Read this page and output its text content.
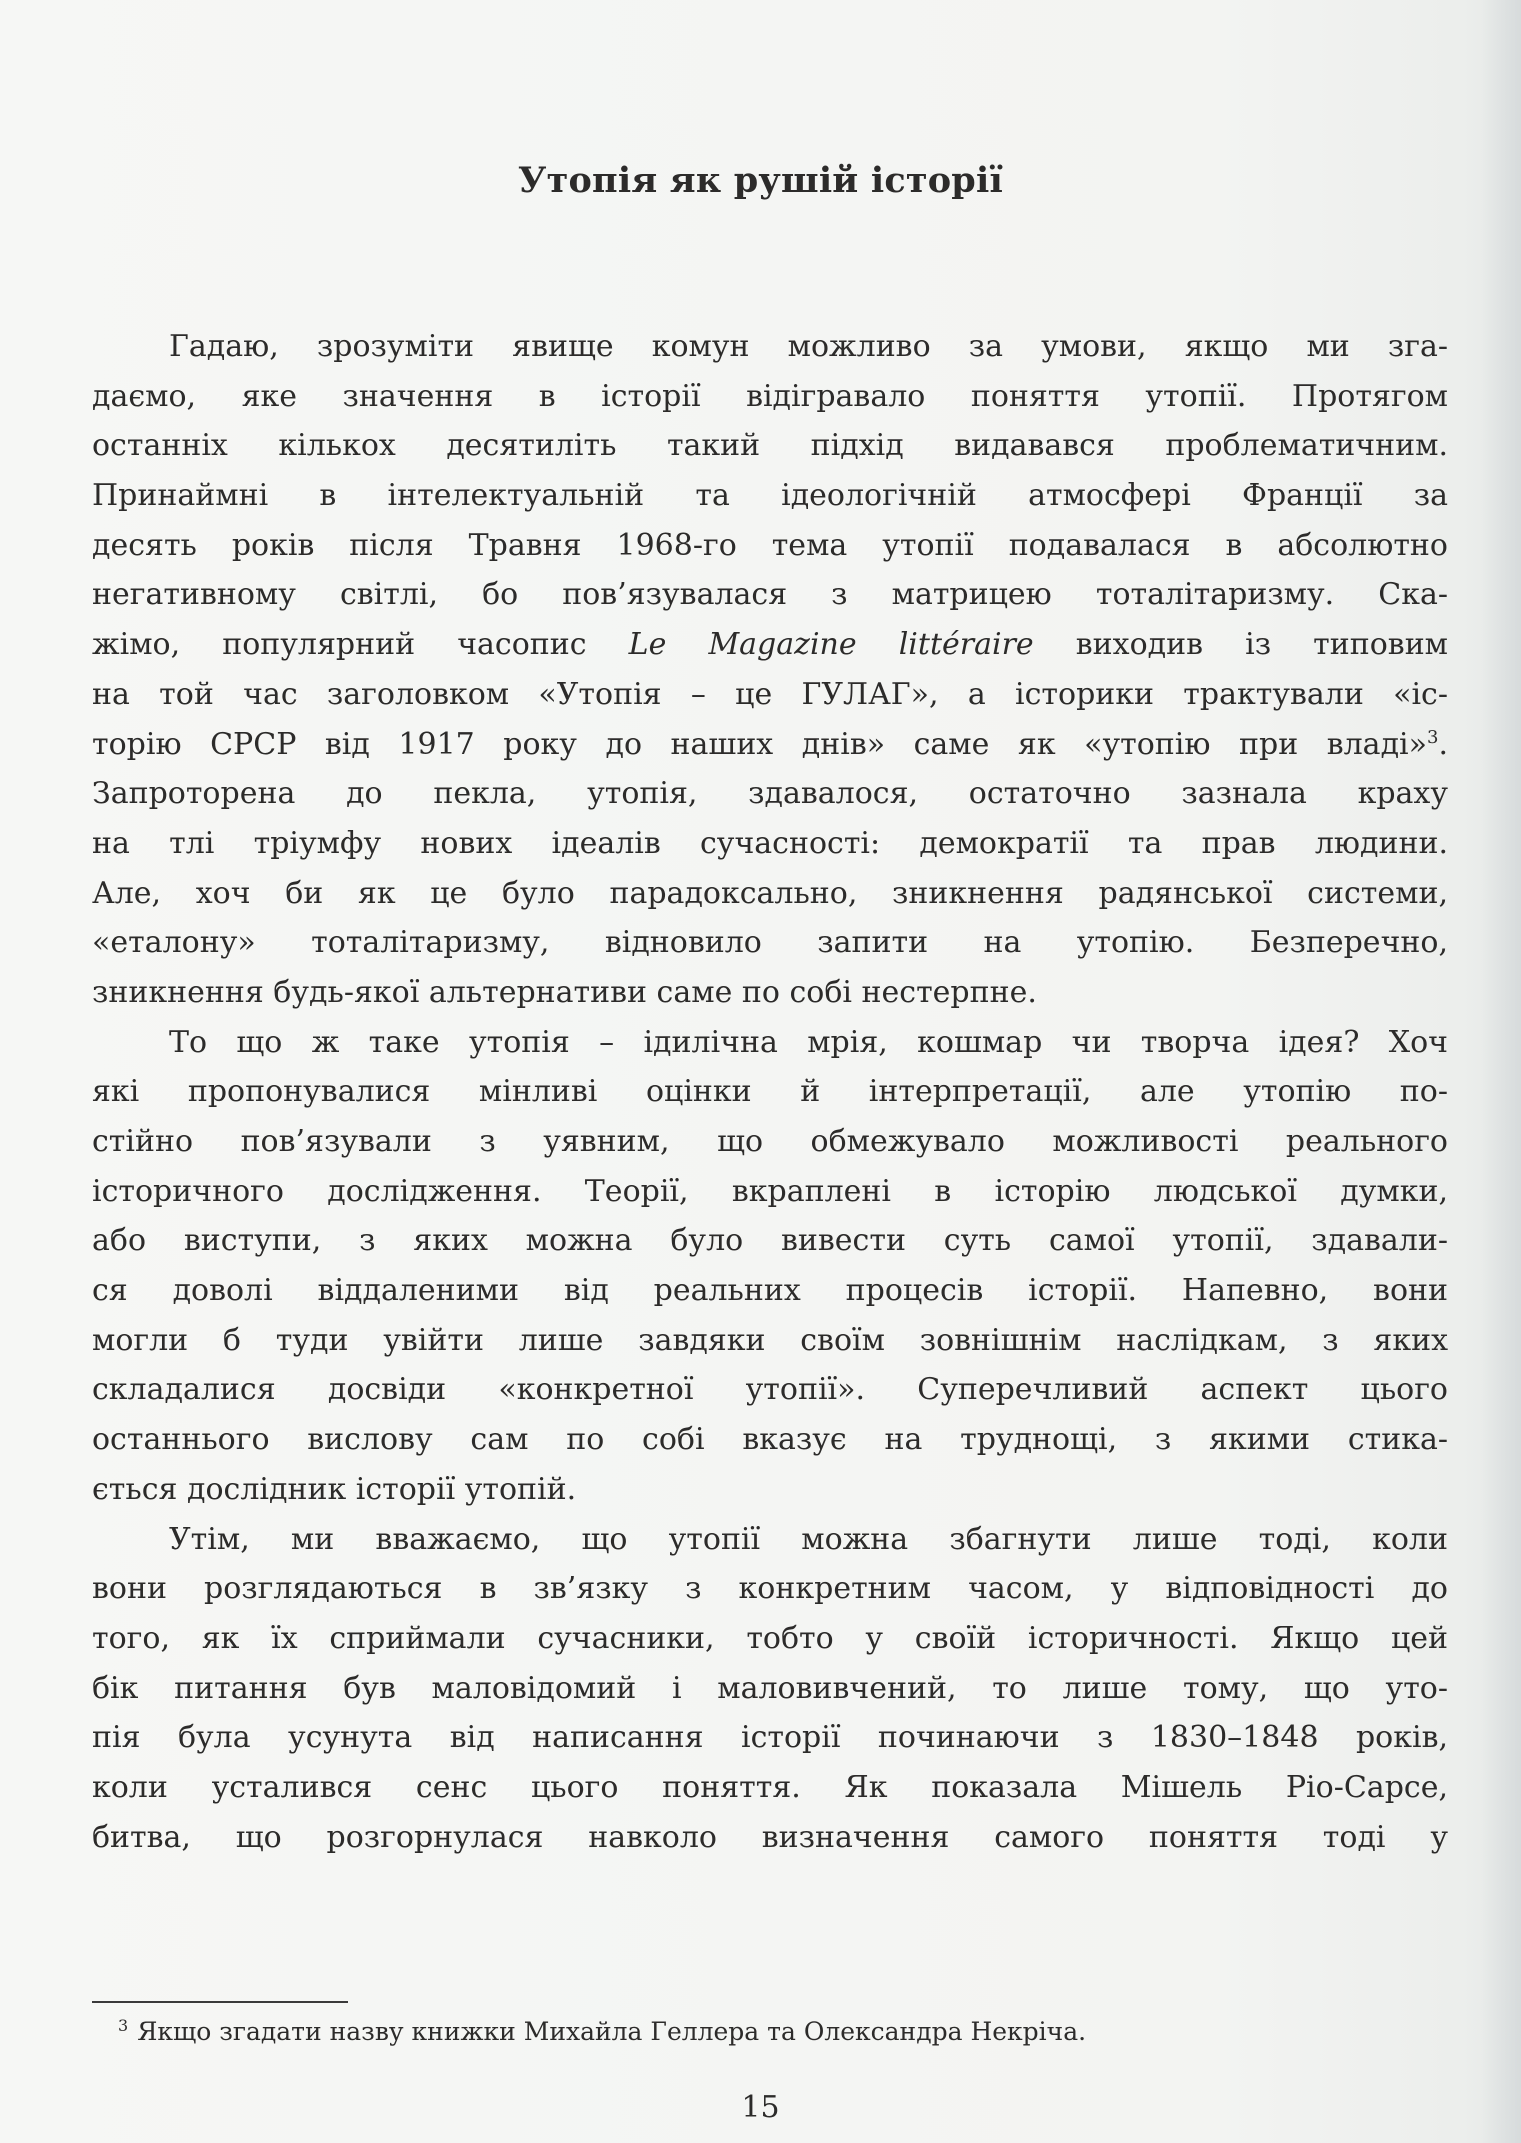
Утопія як рушій історії
Гадаю, зрозуміти явище комун можливо за умови, якщо ми зга-
даємо, яке значення в історії відігравало поняття утопії. Протягом
останніх кількох десятиліть такий підхід видавався проблематичним.
Принаймні в інтелектуальній та ідеологічній атмосфері Франції за
десять років після Травня 1968-го тема утопії подавалася в абсолютно
негативному світлі, бо пов’язувалася з матрицею тоталітаризму. Ска-
жімо, популярний часопис Le Magazine littéraire виходив із типовим
на той час заголовком «Утопія – це ГУЛАГ», а історики трактували «іс-
торію СРСР від 1917 року до наших днів» саме як «утопію при владі»$^3$.
Запроторена до пекла, утопія, здавалося, остаточно зазнала краху
на тлі тріумфу нових ідеалів сучасності: демократії та прав людини.
Але, хоч би як це було парадоксально, зникнення радянської системи,
«еталону» тоталітаризму, відновило запити на утопію. Безперечно,
зникнення будь-якої альтернативи саме по собі нестерпне.
То що ж таке утопія – ідилічна мрія, кошмар чи творча ідея? Хоч
які пропонувалися мінливі оцінки й інтерпретації, але утопію по-
стійно пов’язували з уявним, що обмежувало можливості реального
історичного дослідження. Теорії, вкраплені в історію людської думки,
або виступи, з яких можна було вивести суть самої утопії, здавали-
ся доволі віддаленими від реальних процесів історії. Напевно, вони
могли б туди увійти лише завдяки своїм зовнішнім наслідкам, з яких
складалися досвіди «конкретної утопії». Суперечливий аспект цього
останнього вислову сам по собі вказує на труднощі, з якими стика-
ється дослідник історії утопій.
Утім, ми вважаємо, що утопії можна збагнути лише тоді, коли
вони розглядаються в зв’язку з конкретним часом, у відповідності до
того, як їх сприймали сучасники, тобто у своїй історичності. Якщо цей
бік питання був маловідомий і маловивчений, то лише тому, що уто-
пія була усунута від написання історії починаючи з 1830–1848 років,
коли усталився сенс цього поняття. Як показала Мішель Ріо-Сарсе,
битва, що розгорнулася навколо визначення самого поняття тоді у
$^3$ Якщо згадати назву книжки Михайла Геллера та Олександра Некріча.
15
